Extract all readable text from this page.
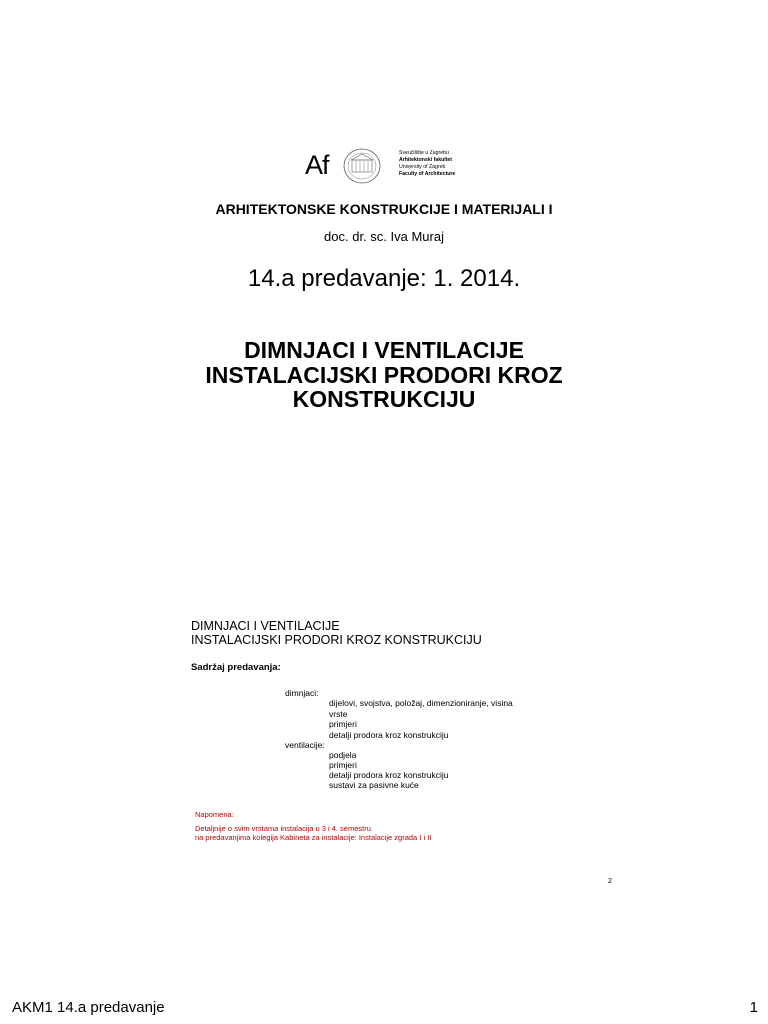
Af	Sveučilište u Zagrebu
Arhitektonski fakultet
University of Zagreb
Faculty of Architecture
ARHITEKTONSKE KONSTRUKCIJE I MATERIJALI I
doc. dr. sc. Iva Muraj
14.a predavanje: 1. 2014.
DIMNJACI I VENTILACIJE
INSTALACIJSKI PRODORI KROZ
KONSTRUKCIJU
DIMNJACI I VENTILACIJE
INSTALACIJSKI PRODORI KROZ KONSTRUKCIJU
Sadržaj predavanja:
dimnjaci:
dijelovi, svojstva, položaj, dimenzioniranje, visina
vrste
primjeri
detalji prodora kroz konstrukciju
ventilacije:
podjela
primjeri
detalji prodora kroz konstrukciju
sustavi za pasivne kuće
Napomena:
Detaljnije o svim vrstama instalacija u 3 i 4. semestru
na predavanjima kolegija Kabineta za instalacije: Instalacije zgrada I i II
2
AKM1 14.a predavanje	1
